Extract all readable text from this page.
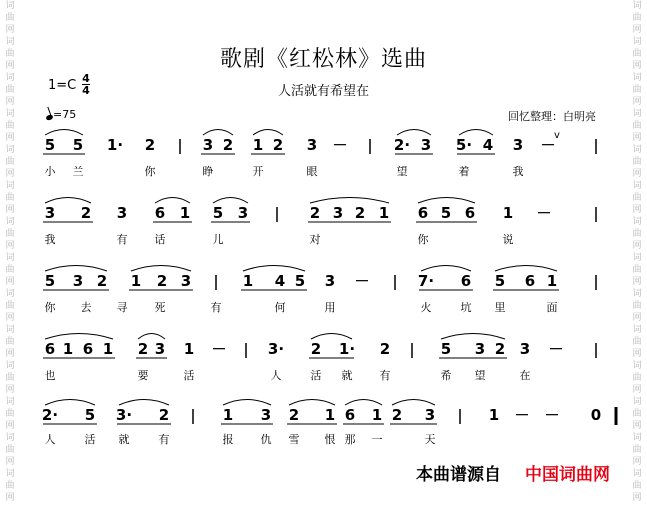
词
曲
网
词
曲
网
词
曲
网
词
曲
网
词
曲
网
词
曲
网
词
曲
网
词
曲
网
词
曲
网
词
曲
网
词
曲
网
词
曲
网
词
曲
网
词
曲
网
词
曲
网
词
曲
网
词
曲
网
词
曲
网
词
曲
网
词
曲
网
词
曲
网
词
曲
网
词
曲
网
词
曲
网
词
曲
网
词
曲
网
词
曲
网
词
曲
网
歌剧《红松林》选曲
人活就有希望在
1=C 4
4
=75	回忆整理：白明亮
5 5 1· 2	3 2 1 2 3 －	2· 3 5· 4 3 －
v
小 兰	你	睁	开	眼	望	着	我
3 2 3 6 1 5 3	2 3 2 1 6 5 6 1 －
我	有 话	儿	对	你	说
5 3 2 1 2 3	1 4 5 3 －	7· 6 5 6 1
你 去 寻 死	有	何	用	火	坑 里	面
6 1 6 1 2 3 1 －	3· 2 1· 2	5 3 2 3 －
也	要	活	人	活 就 有	希 望	在
2· 5 3· 2	1 3 2 1 6 1 2 3	1 － － 0
人	活 就	有	报 仇 雪 恨 那 一	天
本曲谱源自 中国词曲网
